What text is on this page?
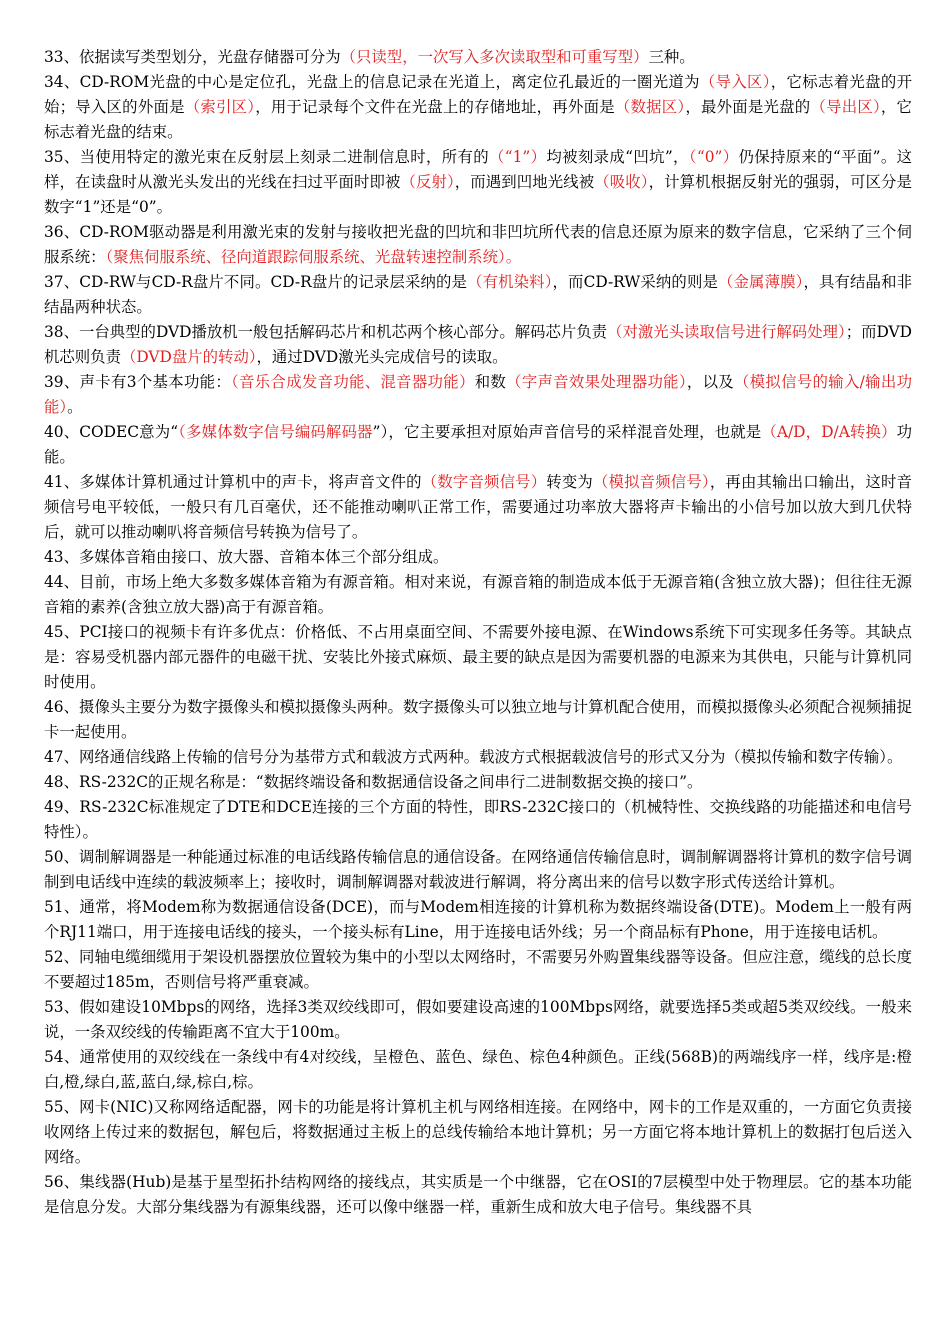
33、依据读写类型划分，光盘存储器可分为（只读型，一次写入多次读取型和可重写型）三种。

34、CD-ROM光盘的中心是定位孔，光盘上的信息记录在光道上，离定位孔最近的一圈光道为（导入区），它标志着光盘的开始；导入区的外面是（索引区），用于记录每个文件在光盘上的存储地址，再外面是（数据区），最外面是光盘的（导出区），它标志着光盘的结束。

35、当使用特定的激光束在反射层上刻录二进制信息时，所有的（“1”）均被刻录成“凹坑”，（“0”）仍保持原来的“平面”。这样，在读盘时从激光头发出的光线在扫过平面时即被（反射），而遇到凹地光线被（吸收），计算机根据反射光的强弱，可区分是数字“1”还是“0”。

36、CD-ROM驱动器是利用激光束的发射与接收把光盘的凹坑和非凹坑所代表的信息还原为原来的数字信息，它采纳了三个伺服系统：（聚焦伺服系统、径向道跟踪伺服系统、光盘转速控制系统）。

37、CD-RW与CD-R盘片不同。CD-R盘片的记录层采纳的是（有机染料），而CD-RW采纳的则是（金属薄膜），具有结晶和非结晶两种状态。

38、一台典型的DVD播放机一般包括解码芯片和机芯两个核心部分。解码芯片负责（对激光头读取信号进行解码处理）；而DVD机芯则负责（DVD盘片的转动），通过DVD激光头完成信号的读取。

39、声卡有3个基本功能：（音乐合成发音功能、混音器功能）和数（字声音效果处理器功能），以及（模拟信号的输入/输出功能）。

40、CODEC意为“（多媒体数字信号编码解码器”），它主要承担对原始声音信号的采样混音处理，也就是（A/D，D/A转换）功能。

41、多媒体计算机通过计算机中的声卡，将声音文件的（数字音频信号）转变为（模拟音频信号），再由其输出口输出，这时音频信号电平较低，一般只有几百毫伏，还不能推动喇叭正常工作，需要通过功率放大器将声卡输出的小信号加以放大到几伏特后，就可以推动喇叭将音频信号转换为信号了。

43、多媒体音箱由接口、放大器、音箱本体三个部分组成。

44、目前，市场上绝大多数多媒体音箱为有源音箱。相对来说，有源音箱的制造成本低于无源音箱(含独立放大器)；但往往无源音箱的素养(含独立放大器)高于有源音箱。

45、PCI接口的视频卡有许多优点：价格低、不占用桌面空间、不需要外接电源、在Windows系统下可实现多任务等。其缺点是：容易受机器内部元器件的电磁干扰、安装比外接式麻烦、最主要的缺点是因为需要机器的电源来为其供电，只能与计算机同时使用。

46、摄像头主要分为数字摄像头和模拟摄像头两种。数字摄像头可以独立地与计算机配合使用，而模拟摄像头必须配合视频捕捉卡一起使用。

47、网络通信线路上传输的信号分为基带方式和载波方式两种。载波方式根据载波信号的形式又分为（模拟传输和数字传输）。

48、RS-232C的正规名称是：“数据终端设备和数据通信设备之间串行二进制数据交换的接口”。

49、RS-232C标准规定了DTE和DCE连接的三个方面的特性，即RS-232C接口的（机械特性、交换线路的功能描述和电信号特性）。

50、调制解调器是一种能通过标准的电话线路传输信息的通信设备。在网络通信传输信息时，调制解调器将计算机的数字信号调制到电话线中连续的载波频率上；接收时，调制解调器对载波进行解调，将分离出来的信号以数字形式传送给计算机。

51、通常，将Modem称为数据通信设备(DCE)，而与Modem相连接的计算机称为数据终端设备(DTE)。Modem上一般有两个RJ11端口，用于连接电话线的接头，一个接头标有Line，用于连接电话外线；另一个商品标有Phone，用于连接电话机。

52、同轴电缆细缆用于架设机器摆放位置较为集中的小型以太网络时，不需要另外购置集线器等设备。但应注意，缆线的总长度不要超过185m，否则信号将严重衰减。

53、假如建设10Mbps的网络，选择3类双绞线即可，假如要建设高速的100Mbps网络，就要选择5类或超5类双绞线。一般来说，一条双绞线的传输距离不宜大于100m。

54、通常使用的双绞线在一条线中有4对绞线，呈橙色、蓝色、绿色、棕色4种颜色。正线(568B)的两端线序一样，线序是:橙白,橙,绿白,蓝,蓝白,绿,棕白,棕。

55、网卡(NIC)又称网络适配器，网卡的功能是将计算机主机与网络相连接。在网络中，网卡的工作是双重的，一方面它负责接收网络上传过来的数据包，解包后，将数据通过主板上的总线传输给本地计算机；另一方面它将本地计算机上的数据打包后送入网络。

56、集线器(Hub)是基于星型拓扑结构网络的接线点，其实质是一个中继器，它在OSI的7层模型中处于物理层。它的基本功能是信息分发。大部分集线器为有源集线器，还可以像中继器一样，重新生成和放大电子信号。集线器不具
